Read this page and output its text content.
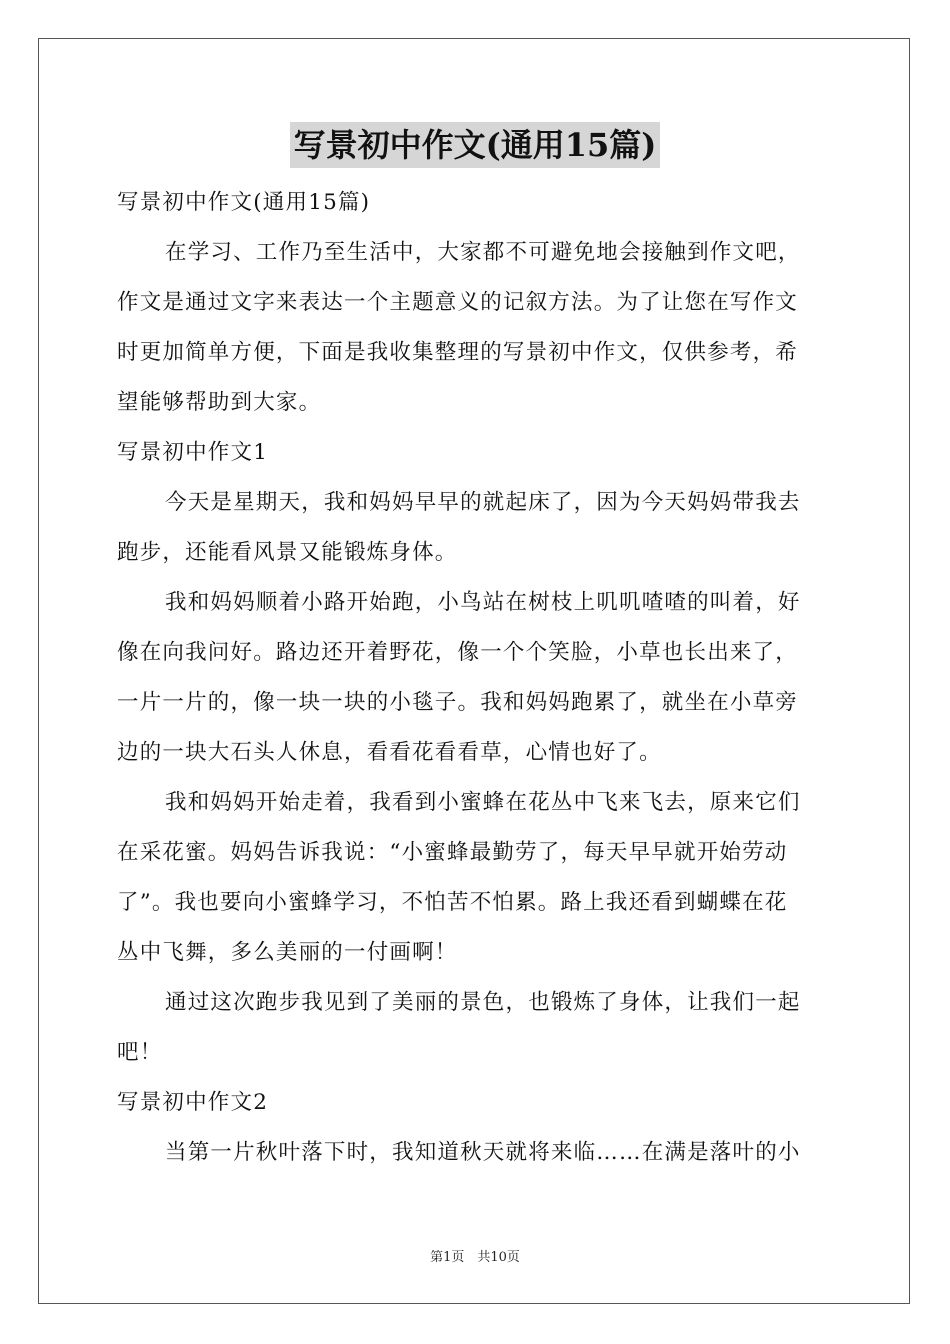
写景初中作文(通用15篇)
写景初中作文(通用15篇)
在学习、工作乃至生活中，大家都不可避免地会接触到作文吧，
作文是通过文字来表达一个主题意义的记叙方法。为了让您在写作文
时更加简单方便，下面是我收集整理的写景初中作文，仅供参考，希
望能够帮助到大家。
写景初中作文1
今天是星期天，我和妈妈早早的就起床了，因为今天妈妈带我去
跑步，还能看风景又能锻炼身体。
我和妈妈顺着小路开始跑，小鸟站在树枝上叽叽喳喳的叫着，好
像在向我问好。路边还开着野花，像一个个笑脸，小草也长出来了，
一片一片的，像一块一块的小毯子。我和妈妈跑累了，就坐在小草旁
边的一块大石头人休息，看看花看看草，心情也好了。
我和妈妈开始走着，我看到小蜜蜂在花丛中飞来飞去，原来它们
在采花蜜。妈妈告诉我说：“小蜜蜂最勤劳了，每天早早就开始劳动
了”。我也要向小蜜蜂学习，不怕苦不怕累。路上我还看到蝴蝶在花
丛中飞舞，多么美丽的一付画啊！
通过这次跑步我见到了美丽的景色，也锻炼了身体，让我们一起
吧！
写景初中作文2
当第一片秋叶落下时，我知道秋天就将来临……在满是落叶的小
第1页　共10页
